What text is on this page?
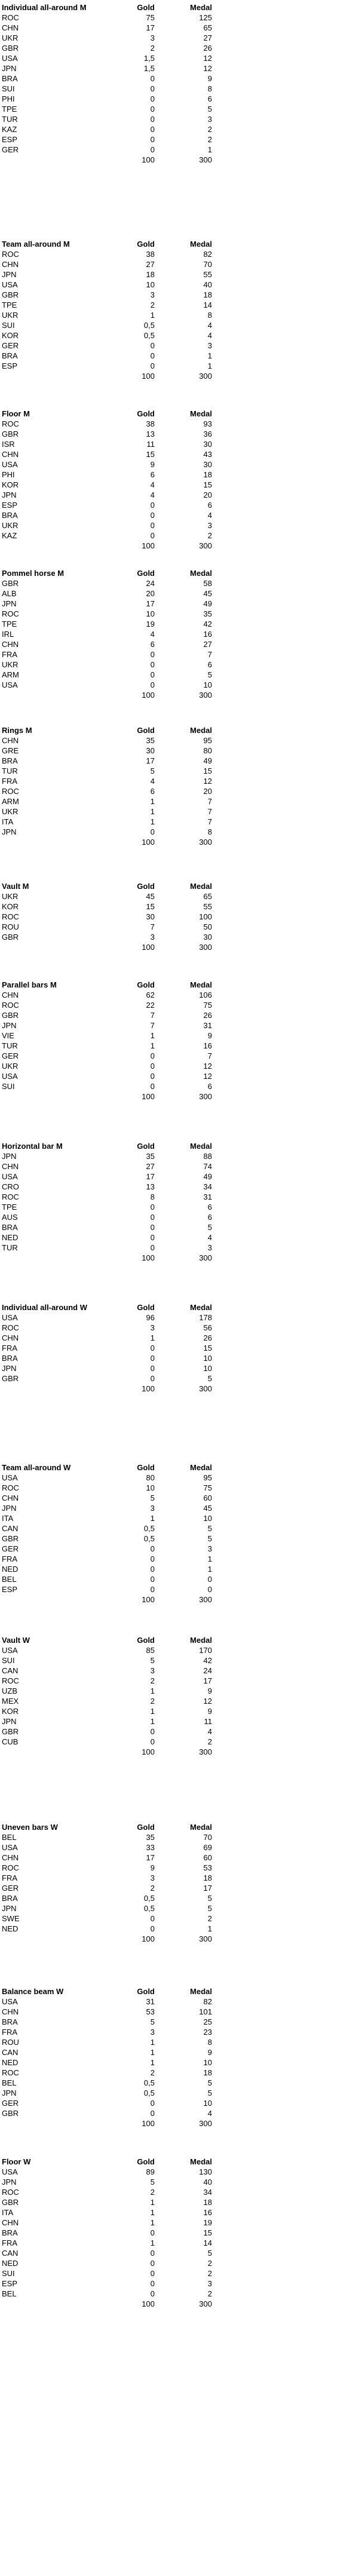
Individual all-around M	Gold	Medal
ROC	75	125
CHN	17	65
UKR	3	27
GBR	2	26
USA	1,5	12
JPN	1,5	12
BRA	0	9
SUI	0	8
PHI	0	6
TPE	0	5
TUR	0	3
KAZ	0	2
ESP	0	2
GER	0	1
	100	300
Team all-around M	Gold	Medal
ROC	38	82
CHN	27	70
JPN	18	55
USA	10	40
GBR	3	18
TPE	2	14
UKR	1	8
SUI	0,5	4
KOR	0,5	4
GER	0	3
BRA	0	1
ESP	0	1
	100	300
Floor M	Gold	Medal
ROC	38	93
GBR	13	36
ISR	11	30
CHN	15	43
USA	9	30
PHI	6	18
KOR	4	15
JPN	4	20
ESP	0	6
BRA	0	4
UKR	0	3
KAZ	0	2
	100	300
Pommel horse M	Gold	Medal
GBR	24	58
ALB	20	45
JPN	17	49
ROC	10	35
TPE	19	42
IRL	4	16
CHN	6	27
FRA	0	7
UKR	0	6
ARM	0	5
USA	0	10
	100	300
Rings M	Gold	Medal
CHN	35	95
GRE	30	80
BRA	17	49
TUR	5	15
FRA	4	12
ROC	6	20
ARM	1	7
UKR	1	7
ITA	1	7
JPN	0	8
	100	300
Vault M	Gold	Medal
UKR	45	65
KOR	15	55
ROC	30	100
ROU	7	50
GBR	3	30
	100	300
Parallel bars M	Gold	Medal
CHN	62	106
ROC	22	75
GBR	7	26
JPN	7	31
VIE	1	9
TUR	1	16
GER	0	7
UKR	0	12
USA	0	12
SUI	0	6
	100	300
Horizontal bar M	Gold	Medal
JPN	35	88
CHN	27	74
USA	17	49
CRO	13	34
ROC	8	31
TPE	0	6
AUS	0	6
BRA	0	5
NED	0	4
TUR	0	3
	100	300
Individual all-around W	Gold	Medal
USA	96	178
ROC	3	56
CHN	1	26
FRA	0	15
BRA	0	10
JPN	0	10
GBR	0	5
	100	300
Team all-around W	Gold	Medal
USA	80	95
ROC	10	75
CHN	5	60
JPN	3	45
ITA	1	10
CAN	0,5	5
GBR	0,5	5
GER	0	3
FRA	0	1
NED	0	1
BEL	0	0
ESP	0	0
	100	300
Vault W	Gold	Medal
USA	85	170
SUI	5	42
CAN	3	24
ROC	2	17
UZB	1	9
MEX	2	12
KOR	1	9
JPN	1	11
GBR	0	4
CUB	0	2
	100	300
Uneven bars W	Gold	Medal
BEL	35	70
USA	33	69
CHN	17	60
ROC	9	53
FRA	3	18
GER	2	17
BRA	0,5	5
JPN	0,5	5
SWE	0	2
NED	0	1
	100	300
Balance beam W	Gold	Medal
USA	31	82
CHN	53	101
BRA	5	25
FRA	3	23
ROU	1	8
CAN	1	9
NED	1	10
ROC	2	18
BEL	0,5	5
JPN	0,5	5
GER	0	10
GBR	0	4
	100	300
Floor W	Gold	Medal
USA	89	130
JPN	5	40
ROC	2	34
GBR	1	18
ITA	1	16
CHN	1	19
BRA	0	15
FRA	1	14
CAN	0	5
NED	0	2
SUI	0	2
ESP	0	3
BEL	0	2
	100	300
